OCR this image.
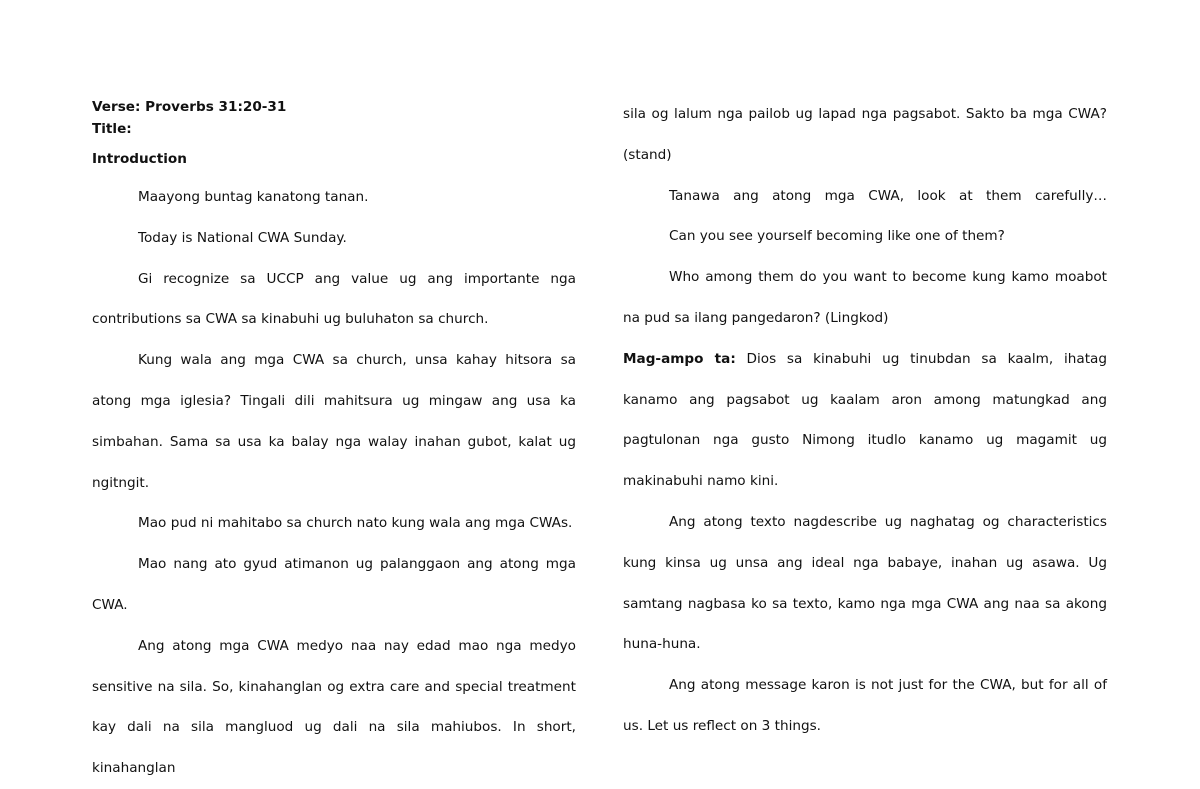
Verse: Proverbs 31:20-31
Title:
Introduction

Maayong buntag kanatong tanan.

Today is National CWA Sunday.

Gi recognize sa UCCP ang value ug ang importante nga contributions sa CWA sa kinabuhi ug buluhaton sa church.

Kung wala ang mga CWA sa church, unsa kahay hitsora sa atong mga iglesia? Tingali dili mahitsura ug mingaw ang usa ka simbahan. Sama sa usa ka balay nga walay inahan gubot, kalat ug ngitngit.

Mao pud ni mahitabo sa church nato kung wala ang mga CWAs.

Mao nang ato gyud atimanon ug palanggaon ang atong mga CWA.

Ang atong mga CWA medyo naa nay edad mao nga medyo sensitive na sila. So, kinahanglan og extra care and special treatment kay dali na sila mangluod ug dali na sila mahiubos. In short, kinahanglan

sila og lalum nga pailob ug lapad nga pagsabot. Sakto ba mga CWA? (stand)

Tanawa ang atong mga CWA, look at them carefully…

Can you see yourself becoming like one of them?

Who among them do you want to become kung kamo moabot na pud sa ilang pangedaron? (Lingkod)

Mag-ampo ta: Dios sa kinabuhi ug tinubdan sa kaalm, ihatag kanamo ang pagsabot ug kaalam aron among matungkad ang pagtulonan nga gusto Nimong itudlo kanamo ug magamit ug makinabuhi namo kini.

Ang atong texto nagdescribe ug naghatag og characteristics kung kinsa ug unsa ang ideal nga babaye, inahan ug asawa. Ug samtang nagbasa ko sa texto, kamo nga mga CWA ang naa sa akong huna-huna.

Ang atong message karon is not just for the CWA, but for all of us. Let us reflect on 3 things.
